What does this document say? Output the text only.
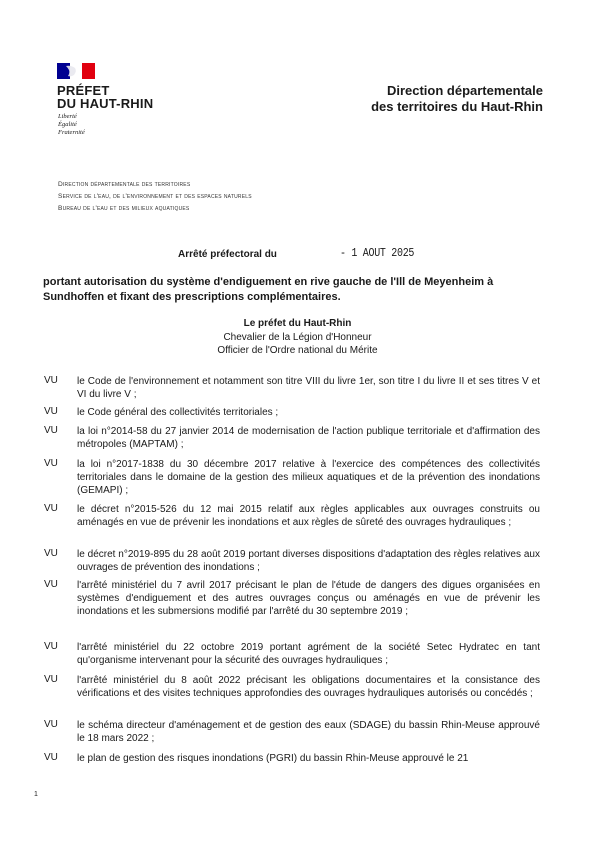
PRÉFET
DU HAUT-RHIN
Liberté
Égalité
Fraternité
Direction départementale
des territoires du Haut-Rhin
Direction départementale des territoires
Service de l'eau, de l'environnement et des espaces naturels
Bureau de l'eau et des milieux aquatiques
Arrêté préfectoral du	- 1 AOUT 2025
portant autorisation du système d'endiguement en rive gauche de l'Ill de Meyenheim à Sundhoffen et fixant des prescriptions complémentaires.
Le préfet du Haut-Rhin
Chevalier de la Légion d'Honneur
Officier de l'Ordre national du Mérite
VU le Code de l'environnement et notamment son titre VIII du livre 1er, son titre I du livre II et ses titres V et VI du livre V ;
VU le Code général des collectivités territoriales ;
VU la loi n°2014-58 du 27 janvier 2014 de modernisation de l'action publique territoriale et d'affirmation des métropoles (MAPTAM) ;
VU la loi n°2017-1838 du 30 décembre 2017 relative à l'exercice des compétences des collectivités territoriales dans le domaine de la gestion des milieux aquatiques et de la prévention des inondations (GEMAPI) ;
VU le décret n°2015-526 du 12 mai 2015 relatif aux règles applicables aux ouvrages construits ou aménagés en vue de prévenir les inondations et aux règles de sûreté des ouvrages hydrauliques ;
VU le décret n°2019-895 du 28 août 2019 portant diverses dispositions d'adaptation des règles relatives aux ouvrages de prévention des inondations ;
VU l'arrêté ministériel du 7 avril 2017 précisant le plan de l'étude de dangers des digues organisées en systèmes d'endiguement et des autres ouvrages conçus ou aménagés en vue de prévenir les inondations et les submersions modifié par l'arrêté du 30 septembre 2019 ;
VU l'arrêté ministériel du 22 octobre 2019 portant agrément de la société Setec Hydratec en tant qu'organisme intervenant pour la sécurité des ouvrages hydrauliques ;
VU l'arrêté ministériel du 8 août 2022 précisant les obligations documentaires et la consistance des vérifications et des visites techniques approfondies des ouvrages hydrauliques autorisés ou concédés ;
VU le schéma directeur d'aménagement et de gestion des eaux (SDAGE) du bassin Rhin-Meuse approuvé le 18 mars 2022 ;
VU le plan de gestion des risques inondations (PGRI) du bassin Rhin-Meuse approuvé le 21
1
